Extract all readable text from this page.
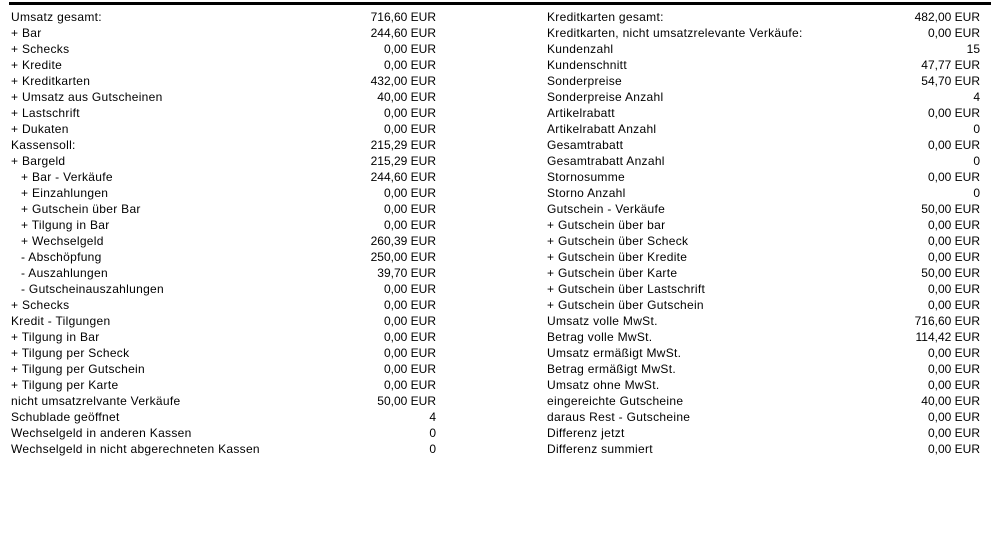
Umsatz gesamt:	716,60 EUR
+ Bar	244,60 EUR
+ Schecks	0,00 EUR
+ Kredite	0,00 EUR
+ Kreditkarten	432,00 EUR
+ Umsatz aus Gutscheinen	40,00 EUR
+ Lastschrift	0,00 EUR
+ Dukaten	0,00 EUR
Kassensoll:	215,29 EUR
+ Bargeld	215,29 EUR
+ Bar - Verkäufe	244,60 EUR
+ Einzahlungen	0,00 EUR
+ Gutschein über Bar	0,00 EUR
+ Tilgung in Bar	0,00 EUR
+ Wechselgeld	260,39 EUR
- Abschöpfung	250,00 EUR
- Auszahlungen	39,70 EUR
- Gutscheinauszahlungen	0,00 EUR
+ Schecks	0,00 EUR
Kredit - Tilgungen	0,00 EUR
+ Tilgung in Bar	0,00 EUR
+ Tilgung per Scheck	0,00 EUR
+ Tilgung per Gutschein	0,00 EUR
+ Tilgung per Karte	0,00 EUR
nicht umsatzrelvante Verkäufe	50,00 EUR
Schublade geöffnet	4
Wechselgeld in anderen Kassen	0
Wechselgeld in nicht abgerechneten Kassen	0
Kreditkarten gesamt:	482,00 EUR
Kreditkarten, nicht umsatzrelevante Verkäufe:	0,00 EUR
Kundenzahl	15
Kundenschnitt	47,77 EUR
Sonderpreise	54,70 EUR
Sonderpreise Anzahl	4
Artikelrabatt	0,00 EUR
Artikelrabatt Anzahl	0
Gesamtrabatt	0,00 EUR
Gesamtrabatt Anzahl	0
Stornosumme	0,00 EUR
Storno Anzahl	0
Gutschein - Verkäufe	50,00 EUR
+ Gutschein über bar	0,00 EUR
+ Gutschein über Scheck	0,00 EUR
+ Gutschein über Kredite	0,00 EUR
+ Gutschein über Karte	50,00 EUR
+ Gutschein über Lastschrift	0,00 EUR
+ Gutschein über Gutschein	0,00 EUR
Umsatz volle MwSt.	716,60 EUR
Betrag volle MwSt.	114,42 EUR
Umsatz ermäßigt MwSt.	0,00 EUR
Betrag ermäßigt MwSt.	0,00 EUR
Umsatz ohne MwSt.	0,00 EUR
eingereichte Gutscheine	40,00 EUR
daraus Rest - Gutscheine	0,00 EUR
Differenz jetzt	0,00 EUR
Differenz summiert	0,00 EUR
